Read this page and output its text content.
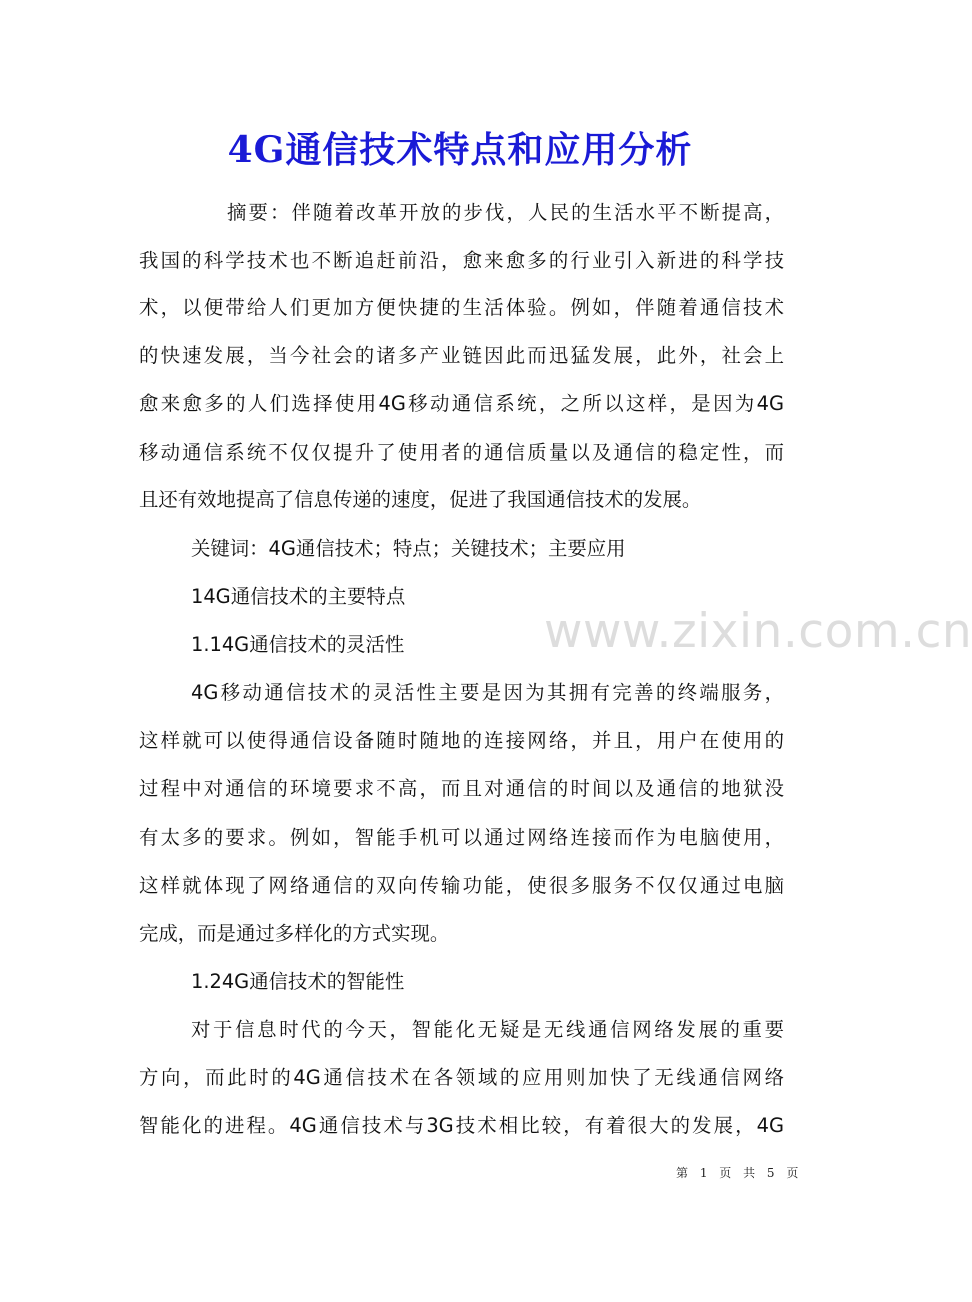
4G通信技术特点和应用分析
摘要：伴随着改革开放的步伐，人民的生活水平不断提高，
我国的科学技术也不断追赶前沿，愈来愈多的行业引入新进的科学技
术，以便带给人们更加方便快捷的生活体验。例如，伴随着通信技术
的快速发展，当今社会的诸多产业链因此而迅猛发展，此外，社会上
愈来愈多的人们选择使用4G移动通信系统，之所以这样，是因为4G
移动通信系统不仅仅提升了使用者的通信质量以及通信的稳定性，而
且还有效地提高了信息传递的速度，促进了我国通信技术的发展。
关键词：4G通信技术；特点；关键技术；主要应用
14G通信技术的主要特点
1.14G通信技术的灵活性
4G移动通信技术的灵活性主要是因为其拥有完善的终端服务，
这样就可以使得通信设备随时随地的连接网络，并且，用户在使用的
过程中对通信的环境要求不高，而且对通信的时间以及通信的地狱没
有太多的要求。例如，智能手机可以通过网络连接而作为电脑使用，
这样就体现了网络通信的双向传输功能，使很多服务不仅仅通过电脑
完成，而是通过多样化的方式实现。
1.24G通信技术的智能性
对于信息时代的今天，智能化无疑是无线通信网络发展的重要
方向，而此时的4G通信技术在各领域的应用则加快了无线通信网络
智能化的进程。4G通信技术与3G技术相比较，有着很大的发展，4G
www.zixin.com.cn
第 1 页 共 5 页
